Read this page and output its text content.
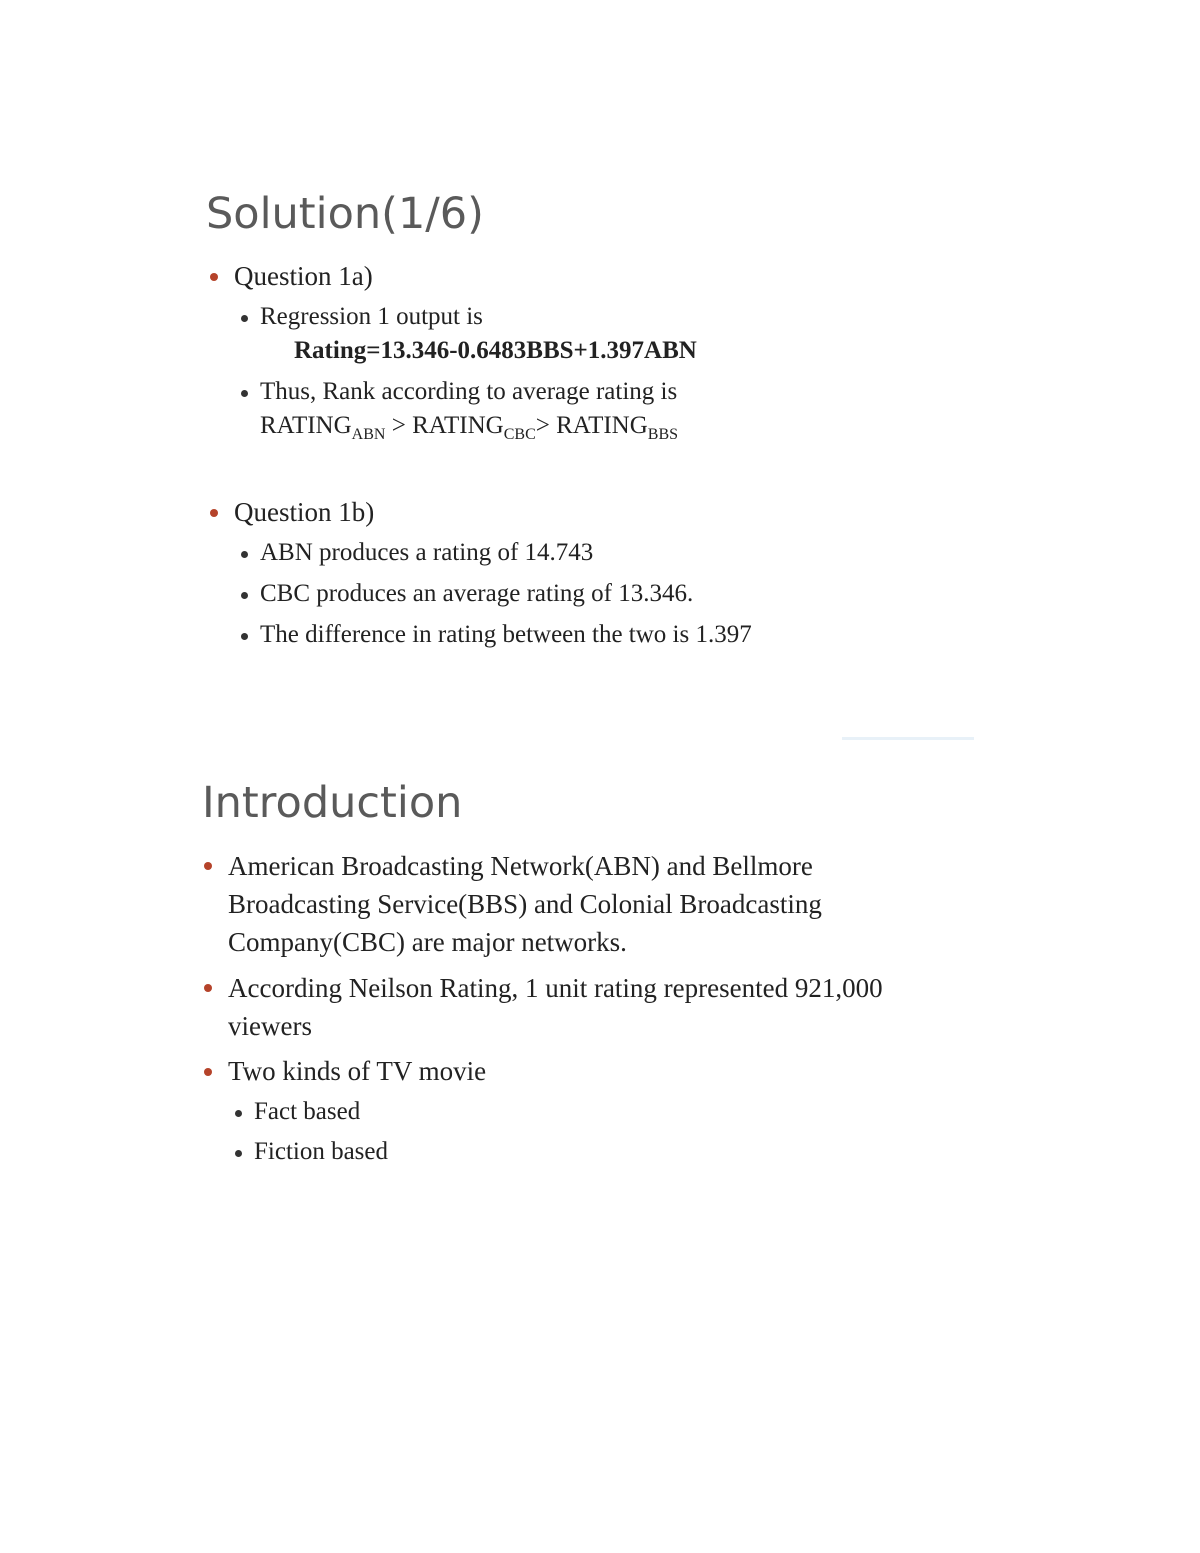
Solution(1/6)
Question 1a)
Regression 1 output is
Rating=13.346-0.6483BBS+1.397ABN
Thus, Rank according to average rating is
$RATING_{ABN}$ > $RATING_{CBC}>$ $RATING_{BBS}$
Question 1b)
ABN produces a rating of 14.743
CBC produces an average rating of 13.346.
The difference in rating between the two is 1.397
Introduction
American Broadcasting Network(ABN) and Bellmore Broadcasting Service(BBS) and Colonial Broadcasting Company(CBC) are major networks.
According Neilson Rating, 1 unit rating represented 921,000 viewers
Two kinds of TV movie
Fact based
Fiction based
